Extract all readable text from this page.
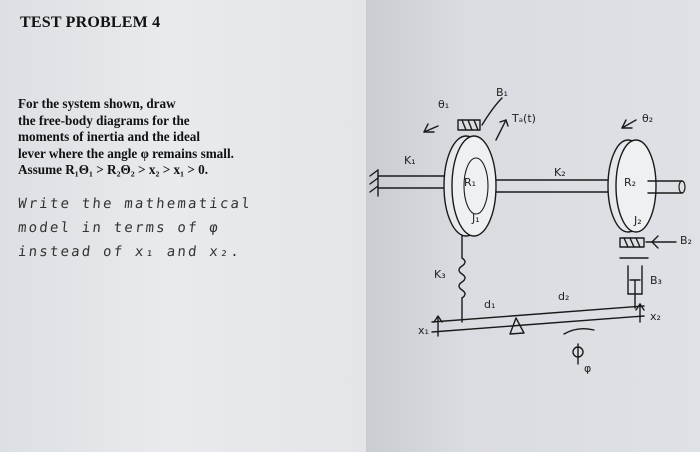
TEST PROBLEM 4
For the system shown, draw
the free-body diagrams for the
moments of inertia and the ideal
lever where the angle φ remains small.
Assume R₁Θ₁ > R₂Θ₂ > x₂ > x₁ > 0.
Write the mathematical
model in terms of φ
instead of x₁ and x₂.
B₁
θ₁
Tₐ(t)	θ₂
K₁
K₂
R₁	R₂
J₁	J₂
B₂
K₃	B₃
d₁
d₂
x₁
x₂
φ
